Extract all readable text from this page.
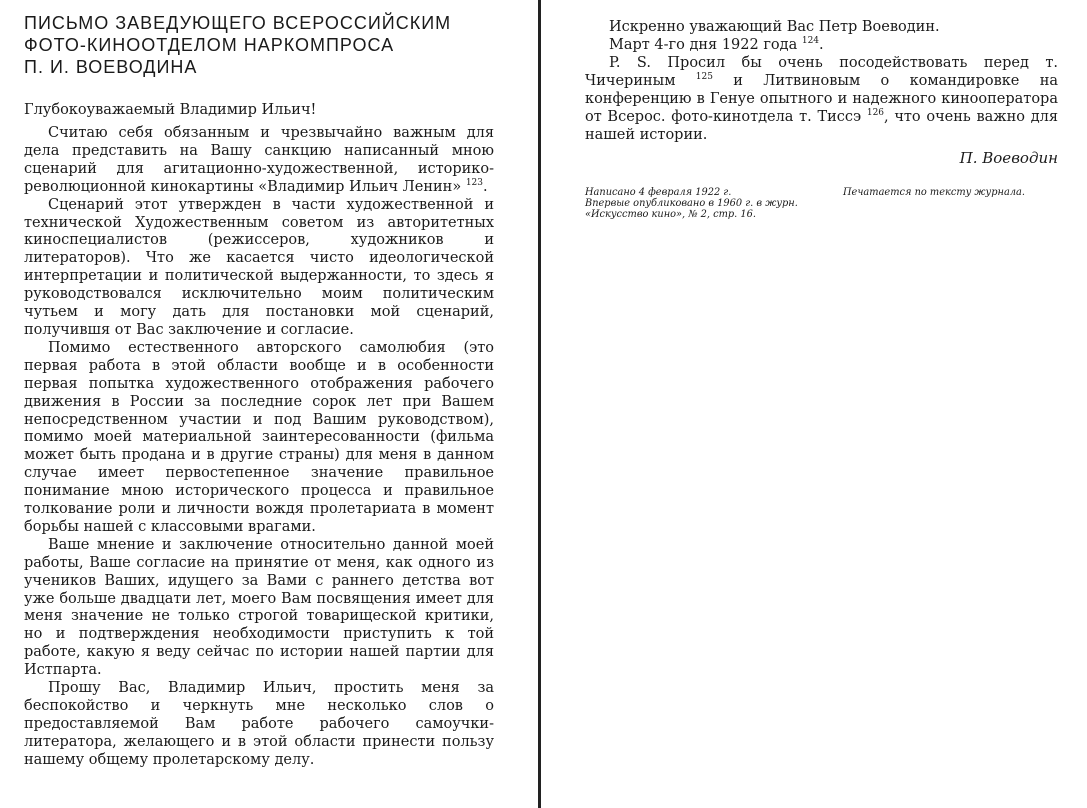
ПИСЬМО ЗАВЕДУЮЩЕГО ВСЕРОССИЙСКИМ
ФОТО-КИНООТДЕЛОМ НАРКОМПРОСА
П. И. ВОЕВОДИНА
Глубокоуважаемый Владимир Ильич!

Считаю себя обязанным и чрезвычайно важным для дела представить на Вашу санкцию написанный мною сценарий для агитационно-художественной, историко-революционной кинокартины «Владимир Ильич Ленин» $^{123}$.

Сценарий этот утвержден в части художественной и технической Художественным советом из авторитетных киноспециалистов (режиссеров, художников и литераторов). Что же касается чисто идеологической интерпретации и политической выдержанности, то здесь я руководствовался исключительно моим политическим чутьем и могу дать для постановки мой сценарий, получившя от Вас заключение и согласие.

Помимо естественного авторского самолюбия (это первая работа в этой области вообще и в особенности первая попытка художественного отображения рабочего движения в России за последние сорок лет при Вашем непосредственном участии и под Вашим руководством), помимо моей материальной заинтересованности (фильма может быть продана и в другие страны) для меня в данном случае имеет первостепенное значение правильное понимание мною исторического процесса и правильное толкование роли и личности вождя пролетариата в момент борьбы нашей с классовыми врагами.

Ваше мнение и заключение относительно данной моей работы, Ваше согласие на принятие от меня, как одного из учеников Ваших, идущего за Вами с раннего детства вот уже больше двадцати лет, моего Вам посвящения имеет для меня значение не только строгой товарищеской критики, но и подтверждения необходимости приступить к той работе, какую я веду сейчас по истории нашей партии для Истпарта.

Прошу Вас, Владимир Ильич, простить меня за беспокойство и черкнуть мне несколько слов о предоставляемой Вам работе рабочего самоучки-литератора, желающего и в этой области принести пользу нашему общему пролетарскому делу.

Искренно уважающий Вас Петр Воеводин.

Март 4-го дня 1922 года $^{124}$.

P. S. Просил бы очень посодействовать перед т. Чичериным $^{125}$ и Литвиновым о командировке на конференцию в Генуе опытного и надежного кинооператора от Всерос. фото-кинотдела т. Тиссэ $^{126}$, что очень важно для нашей истории.

П. Воеводин
Написано 4 февраля 1922 г.
Впервые опубликовано в 1960 г. в журн. «Искусство кино», № 2, стр. 16.
Печатается по тексту журнала.
